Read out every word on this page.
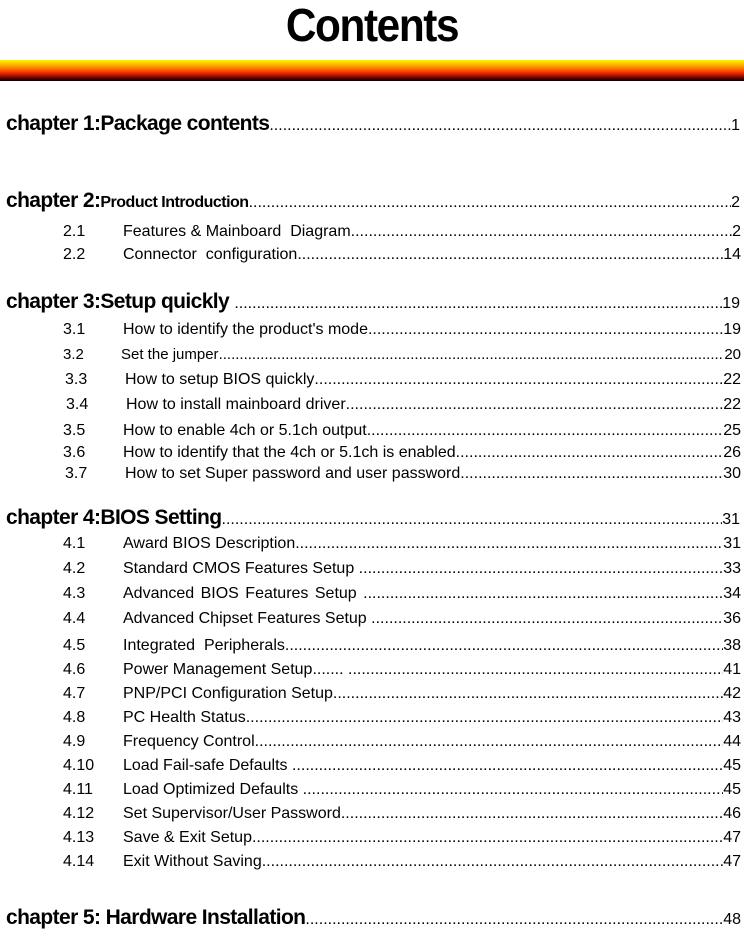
Contents
chapter 1: Package contents .....	1
chapter 2: Product Introduction .....	2
2.1	Features & Mainboard  Diagram .....	2
2.2	Connector  configuration .....	14
chapter 3: Setup quickly .....	19
3.1	How to identify the product's mode .....	19
3.2	Set the jumper .....	20
3.3	How to setup BIOS quickly .....	22
3.4	How to install mainboard driver .....	22
3.5	How to enable 4ch or 5.1ch output .....	25
3.6	How to identify that the 4ch or 5.1ch is enabled .....	26
3.7	How to set Super password and user password .....	30
chapter 4: BIOS Setting .....	31
4.1	Award BIOS Description .....	31
4.2	Standard CMOS Features Setup .....	33
4.3	Advanced BIOS Features Setup .....	34
4.4	Advanced Chipset Features Setup .....	36
4.5	Integrated  Peripherals .....	38
4.6	Power Management Setup....... .....	41
4.7	PNP/PCI Configuration Setup .....	42
4.8	PC Health Status .....	43
4.9	Frequency Control .....	44
4.10	Load Fail-safe Defaults .....	45
4.11	Load Optimized Defaults .....	45
4.12	Set Supervisor/User Password .....	46
4.13	Save & Exit Setup .....	47
4.14	Exit Without Saving .....	47
chapter 5: Hardware Installation .....	48
